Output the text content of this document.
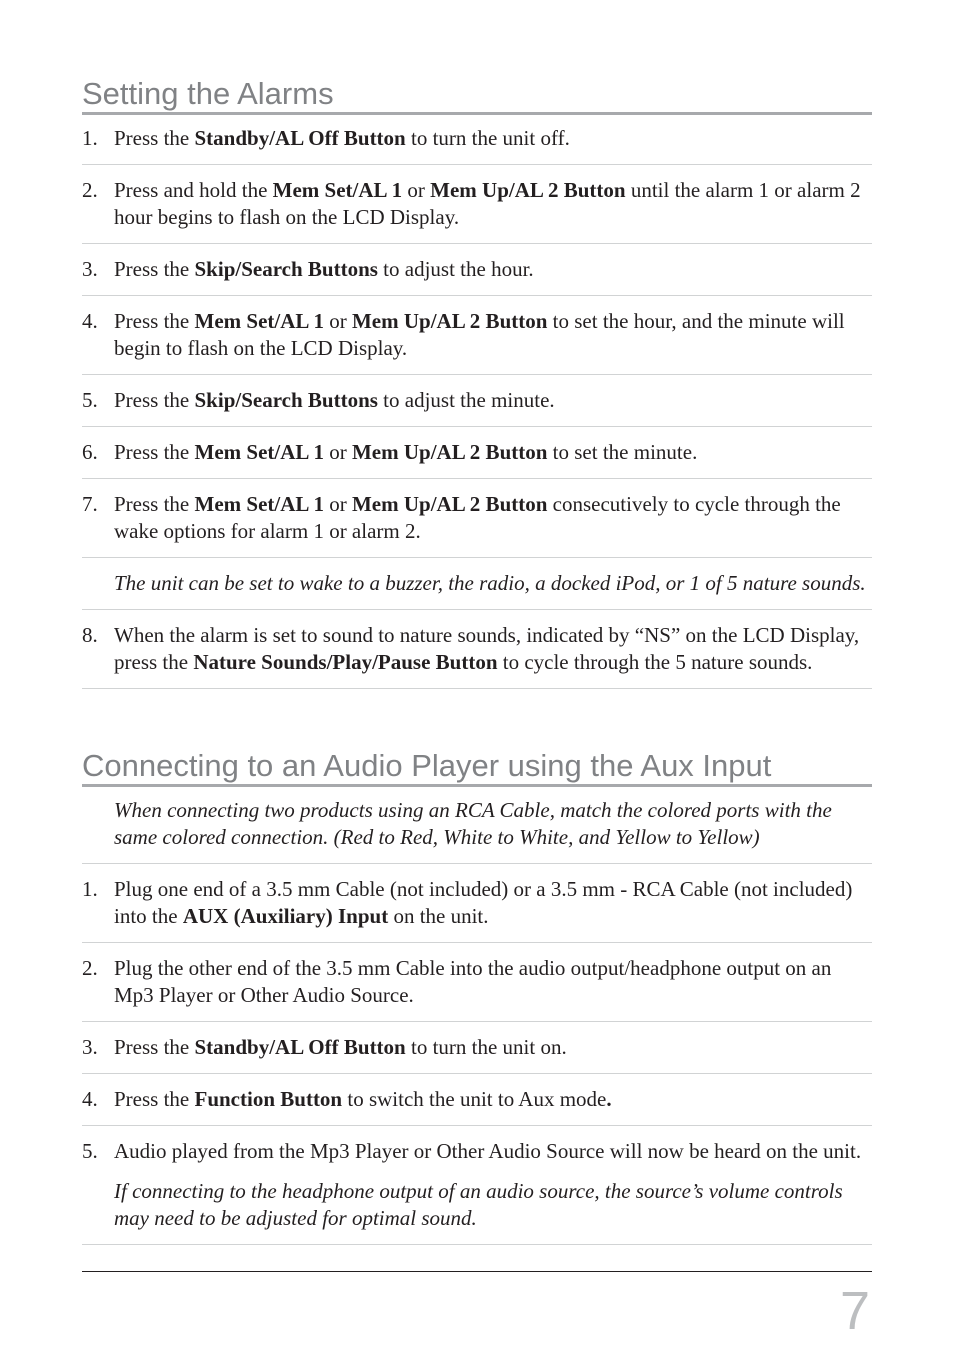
Setting the Alarms
1. Press the Standby/AL Off Button to turn the unit off.
2. Press and hold the Mem Set/AL 1 or Mem Up/AL 2 Button until the alarm 1 or alarm 2 hour begins to flash on the LCD Display.
3. Press the Skip/Search Buttons to adjust the hour.
4. Press the Mem Set/AL 1 or Mem Up/AL 2 Button to set the hour, and the minute will begin to flash on the LCD Display.
5. Press the Skip/Search Buttons to adjust the minute.
6. Press the Mem Set/AL 1 or Mem Up/AL 2 Button to set the minute.
7. Press the Mem Set/AL 1 or Mem Up/AL 2 Button consecutively to cycle through the wake options for alarm 1 or alarm 2.
The unit can be set to wake to a buzzer, the radio, a docked iPod, or 1 of 5 nature sounds.
8. When the alarm is set to sound to nature sounds, indicated by “NS” on the LCD Display, press the Nature Sounds/Play/Pause Button to cycle through the 5 nature sounds.
Connecting to an Audio Player using the Aux Input
When connecting two products using an RCA Cable, match the colored ports with the same colored connection. (Red to Red, White to White, and Yellow to Yellow)
1. Plug one end of a 3.5 mm Cable (not included) or a 3.5 mm - RCA Cable (not included) into the AUX (Auxiliary) Input on the unit.
2. Plug the other end of the 3.5 mm Cable into the audio output/headphone output on an Mp3 Player or Other Audio Source.
3. Press the Standby/AL Off Button to turn the unit on.
4. Press the Function Button to switch the unit to Aux mode.
5. Audio played from the Mp3 Player or Other Audio Source will now be heard on the unit.
If connecting to the headphone output of an audio source, the source’s volume controls may need to be adjusted for optimal sound.
7
